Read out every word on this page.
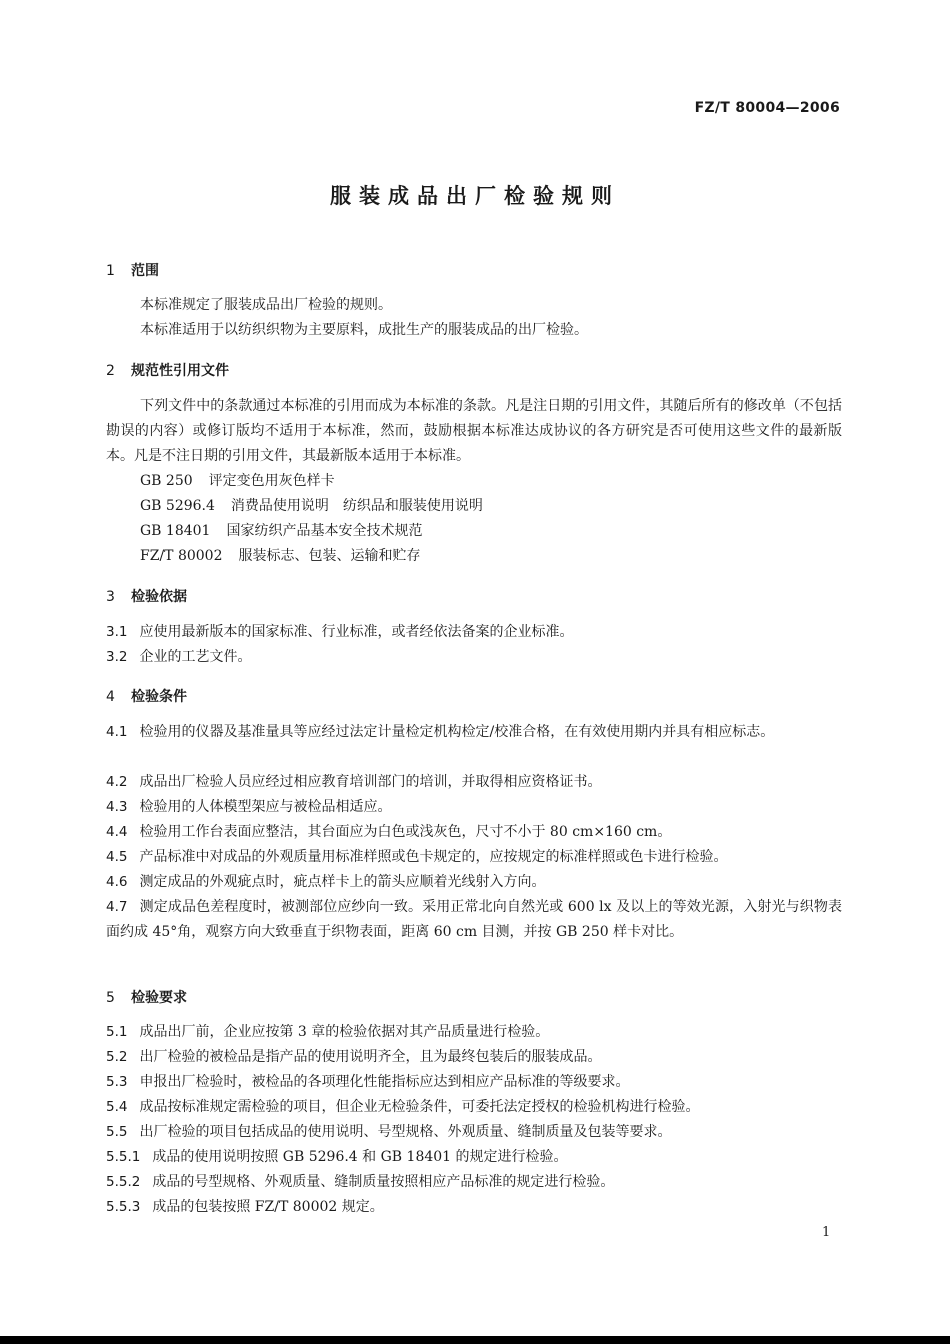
FZ/T 80004—2006
服装成品出厂检验规则
1 范围
本标准规定了服装成品出厂检验的规则。
本标准适用于以纺织织物为主要原料，成批生产的服装成品的出厂检验。
2 规范性引用文件
下列文件中的条款通过本标准的引用而成为本标准的条款。凡是注日期的引用文件，其随后所有的修改单（不包括勘误的内容）或修订版均不适用于本标准，然而，鼓励根据本标准达成协议的各方研究是否可使用这些文件的最新版本。凡是不注日期的引用文件，其最新版本适用于本标准。
GB 250 评定变色用灰色样卡
GB 5296.4 消费品使用说明　纺织品和服装使用说明
GB 18401 国家纺织产品基本安全技术规范
FZ/T 80002 服装标志、包装、运输和贮存
3 检验依据
3.1 应使用最新版本的国家标准、行业标准，或者经依法备案的企业标准。
3.2 企业的工艺文件。
4 检验条件
4.1 检验用的仪器及基准量具等应经过法定计量检定机构检定/校准合格，在有效使用期内并具有相应标志。
4.2 成品出厂检验人员应经过相应教育培训部门的培训，并取得相应资格证书。
4.3 检验用的人体模型架应与被检品相适应。
4.4 检验用工作台表面应整洁，其台面应为白色或浅灰色，尺寸不小于 80 cm×160 cm。
4.5 产品标准中对成品的外观质量用标准样照或色卡规定的，应按规定的标准样照或色卡进行检验。
4.6 测定成品的外观疵点时，疵点样卡上的箭头应顺着光线射入方向。
4.7 测定成品色差程度时，被测部位应纱向一致。采用正常北向自然光或 600 lx 及以上的等效光源，入射光与织物表面约成 45°角，观察方向大致垂直于织物表面，距离 60 cm 目测，并按 GB 250 样卡对比。
5 检验要求
5.1 成品出厂前，企业应按第 3 章的检验依据对其产品质量进行检验。
5.2 出厂检验的被检品是指产品的使用说明齐全，且为最终包装后的服装成品。
5.3 申报出厂检验时，被检品的各项理化性能指标应达到相应产品标准的等级要求。
5.4 成品按标准规定需检验的项目，但企业无检验条件，可委托法定授权的检验机构进行检验。
5.5 出厂检验的项目包括成品的使用说明、号型规格、外观质量、缝制质量及包装等要求。
5.5.1 成品的使用说明按照 GB 5296.4 和 GB 18401 的规定进行检验。
5.5.2 成品的号型规格、外观质量、缝制质量按照相应产品标准的规定进行检验。
5.5.3 成品的包装按照 FZ/T 80002 规定。
1
